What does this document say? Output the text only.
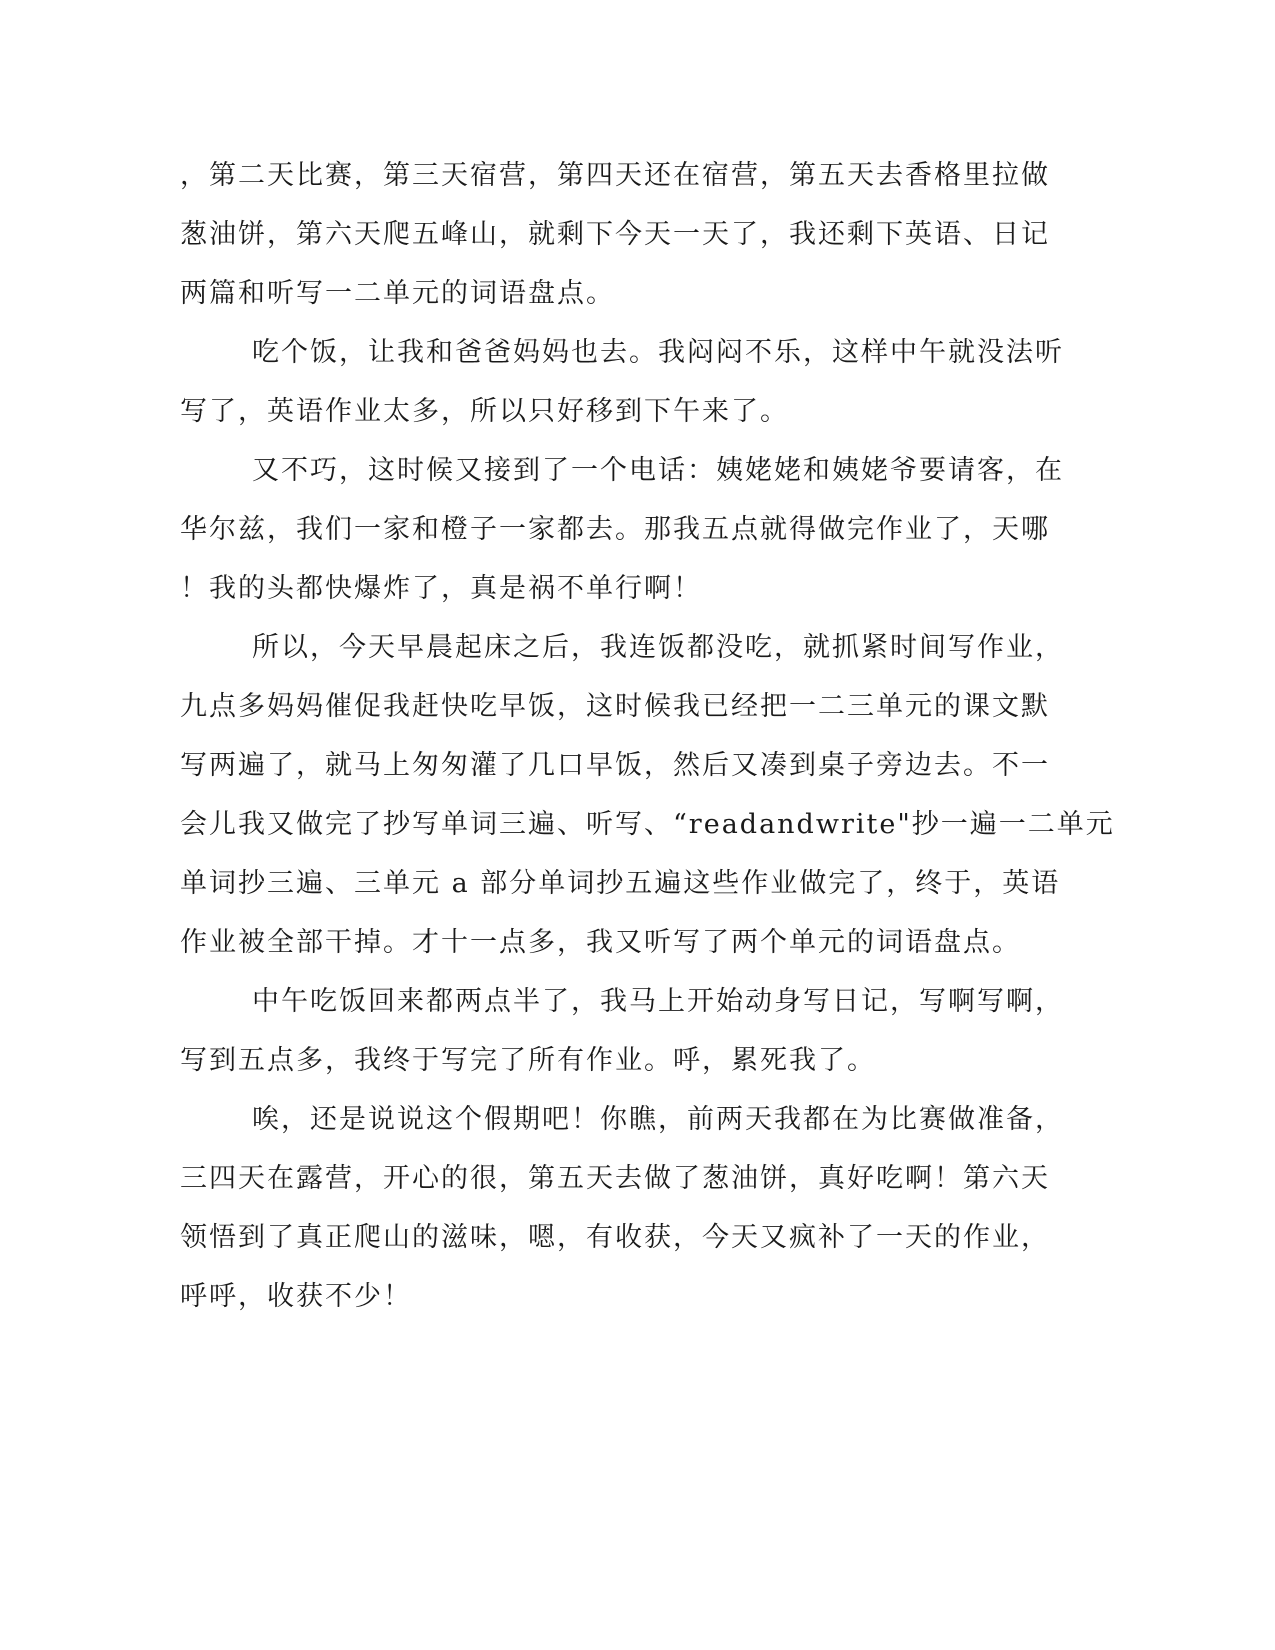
，第二天比赛，第三天宿营，第四天还在宿营，第五天去香格里拉做
葱油饼，第六天爬五峰山，就剩下今天一天了，我还剩下英语、日记
两篇和听写一二单元的词语盘点。
吃个饭，让我和爸爸妈妈也去。我闷闷不乐，这样中午就没法听
写了，英语作业太多，所以只好移到下午来了。
又不巧，这时候又接到了一个电话：姨姥姥和姨姥爷要请客，在
华尔兹，我们一家和橙子一家都去。那我五点就得做完作业了，天哪
！我的头都快爆炸了，真是祸不单行啊！
所以，今天早晨起床之后，我连饭都没吃，就抓紧时间写作业，
九点多妈妈催促我赶快吃早饭，这时候我已经把一二三单元的课文默
写两遍了，就马上匆匆灌了几口早饭，然后又凑到桌子旁边去。不一
会儿我又做完了抄写单词三遍、听写、“readandwrite"抄一遍一二单元
单词抄三遍、三单元 a 部分单词抄五遍这些作业做完了，终于，英语
作业被全部干掉。才十一点多，我又听写了两个单元的词语盘点。
中午吃饭回来都两点半了，我马上开始动身写日记，写啊写啊，
写到五点多，我终于写完了所有作业。呼，累死我了。
唉，还是说说这个假期吧！你瞧，前两天我都在为比赛做准备，
三四天在露营，开心的很，第五天去做了葱油饼，真好吃啊！第六天
领悟到了真正爬山的滋味，嗯，有收获，今天又疯补了一天的作业，
呼呼，收获不少！
